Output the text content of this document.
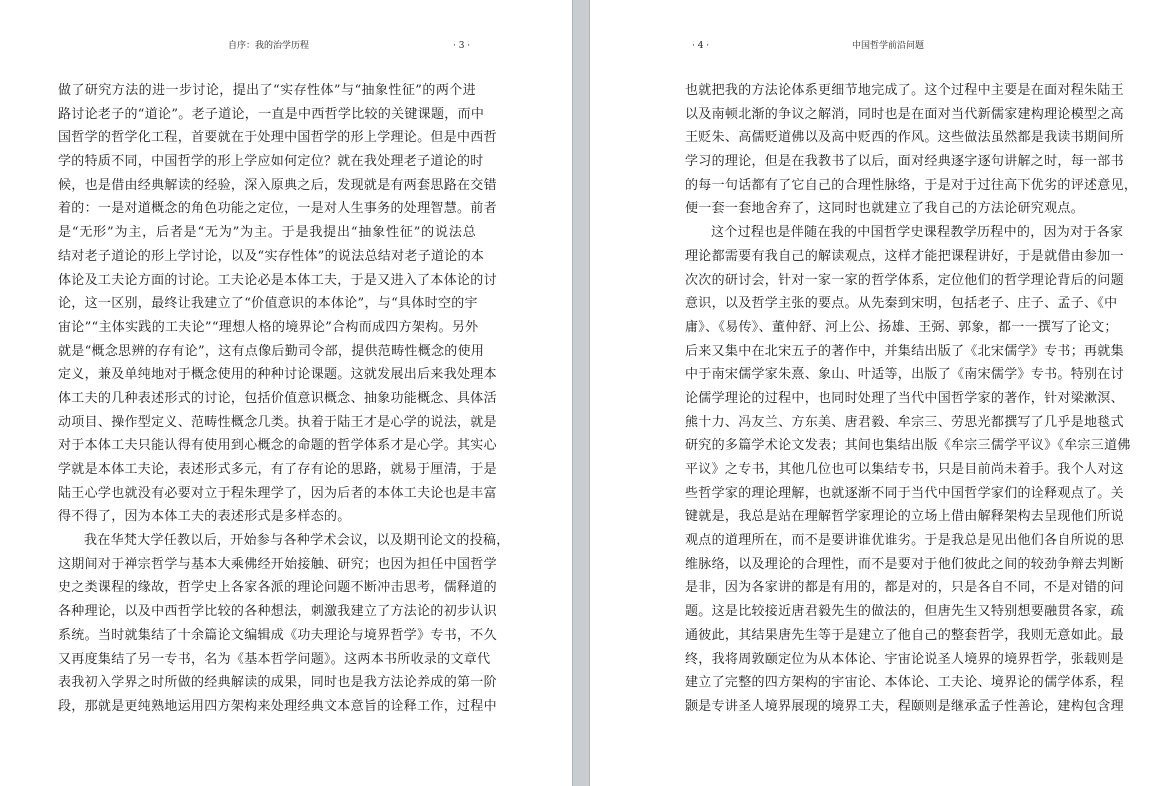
自序：我的治学历程	· 3 ·
做了研究方法的进一步讨论，提出了“实存性体”与“抽象性征”的两个进
路讨论老子的“道论”。老子道论，一直是中西哲学比较的关键课题，而中
国哲学的哲学化工程，首要就在于处理中国哲学的形上学理论。但是中西哲
学的特质不同，中国哲学的形上学应如何定位？就在我处理老子道论的时
候，也是借由经典解读的经验，深入原典之后，发现就是有两套思路在交错
着的：一是对道概念的角色功能之定位，一是对人生事务的处理智慧。前者
是“无形”为主，后者是“无为”为主。于是我提出“抽象性征”的说法总
结对老子道论的形上学讨论，以及“实存性体”的说法总结对老子道论的本
体论及工夫论方面的讨论。工夫论必是本体工夫，于是又进入了本体论的讨
论，这一区别，最终让我建立了“价值意识的本体论”，与“具体时空的宇
宙论”“主体实践的工夫论”“理想人格的境界论”合构而成四方架构。另外
就是“概念思辨的存有论”，这有点像后勤司令部，提供范畴性概念的使用
定义，兼及单纯地对于概念使用的种种讨论课题。这就发展出后来我处理本
体工夫的几种表述形式的讨论，包括价值意识概念、抽象功能概念、具体活
动项目、操作型定义、范畴性概念几类。执着于陆王才是心学的说法，就是
对于本体工夫只能认得有使用到心概念的命题的哲学体系才是心学。其实心
学就是本体工夫论，表述形式多元，有了存有论的思路，就易于厘清，于是
陆王心学也就没有必要对立于程朱理学了，因为后者的本体工夫论也是丰富
得不得了，因为本体工夫的表述形式是多样态的。
我在华梵大学任教以后，开始参与各种学术会议，以及期刊论文的投稿，
这期间对于禅宗哲学与基本大乘佛经开始接触、研究；也因为担任中国哲学
史之类课程的缘故，哲学史上各家各派的理论问题不断冲击思考，儒释道的
各种理论，以及中西哲学比较的各种想法，刺激我建立了方法论的初步认识
系统。当时就集结了十余篇论文编辑成《功夫理论与境界哲学》专书，不久
又再度集结了另一专书，名为《基本哲学问题》。这两本书所收录的文章代
表我初入学界之时所做的经典解读的成果，同时也是我方法论养成的第一阶
段，那就是更纯熟地运用四方架构来处理经典文本意旨的诠释工作，过程中
· 4 ·	中国哲学前沿问题
也就把我的方法论体系更细节地完成了。这个过程中主要是在面对程朱陆王
以及南顿北渐的争议之解消，同时也是在面对当代新儒家建构理论模型之高
王贬朱、高儒贬道佛以及高中贬西的作风。这些做法虽然都是我读书期间所
学习的理论，但是在我教书了以后，面对经典逐字逐句讲解之时，每一部书
的每一句话都有了它自己的合理性脉络，于是对于过往高下优劣的评述意见，
便一套一套地舍弃了，这同时也就建立了我自己的方法论研究观点。
这个过程也是伴随在我的中国哲学史课程教学历程中的，因为对于各家
理论都需要有我自己的解读观点，这样才能把课程讲好，于是就借由参加一
次次的研讨会，针对一家一家的哲学体系，定位他们的哲学理论背后的问题
意识，以及哲学主张的要点。从先秦到宋明，包括老子、庄子、孟子、《中
庸》、《易传》、董仲舒、河上公、扬雄、王弼、郭象，都一一撰写了论文；
后来又集中在北宋五子的著作中，并集结出版了《北宋儒学》专书；再就集
中于南宋儒学家朱熹、象山、叶适等，出版了《南宋儒学》专书。特别在讨
论儒学理论的过程中，也同时处理了当代中国哲学家的著作，针对梁漱溟、
熊十力、冯友兰、方东美、唐君毅、牟宗三、劳思光都撰写了几乎是地毯式
研究的多篇学术论文发表；其间也集结出版《牟宗三儒学平议》《牟宗三道佛
平议》之专书，其他几位也可以集结专书，只是目前尚未着手。我个人对这
些哲学家的理论理解，也就逐渐不同于当代中国哲学家们的诠释观点了。关
键就是，我总是站在理解哲学家理论的立场上借由解释架构去呈现他们所说
观点的道理所在，而不是要讲谁优谁劣。于是我总是见出他们各自所说的思
维脉络，以及理论的合理性，而不是要对于他们彼此之间的较劲争辩去判断
是非，因为各家讲的都是有用的，都是对的，只是各自不同，不是对错的问
题。这是比较接近唐君毅先生的做法的，但唐先生又特别想要融贯各家，疏
通彼此，其结果唐先生等于是建立了他自己的整套哲学，我则无意如此。最
终，我将周敦颐定位为从本体论、宇宙论说圣人境界的境界哲学，张载则是
建立了完整的四方架构的宇宙论、本体论、工夫论、境界论的儒学体系，程
颢是专讲圣人境界展现的境界工夫，程颐则是继承孟子性善论，建构包含理
